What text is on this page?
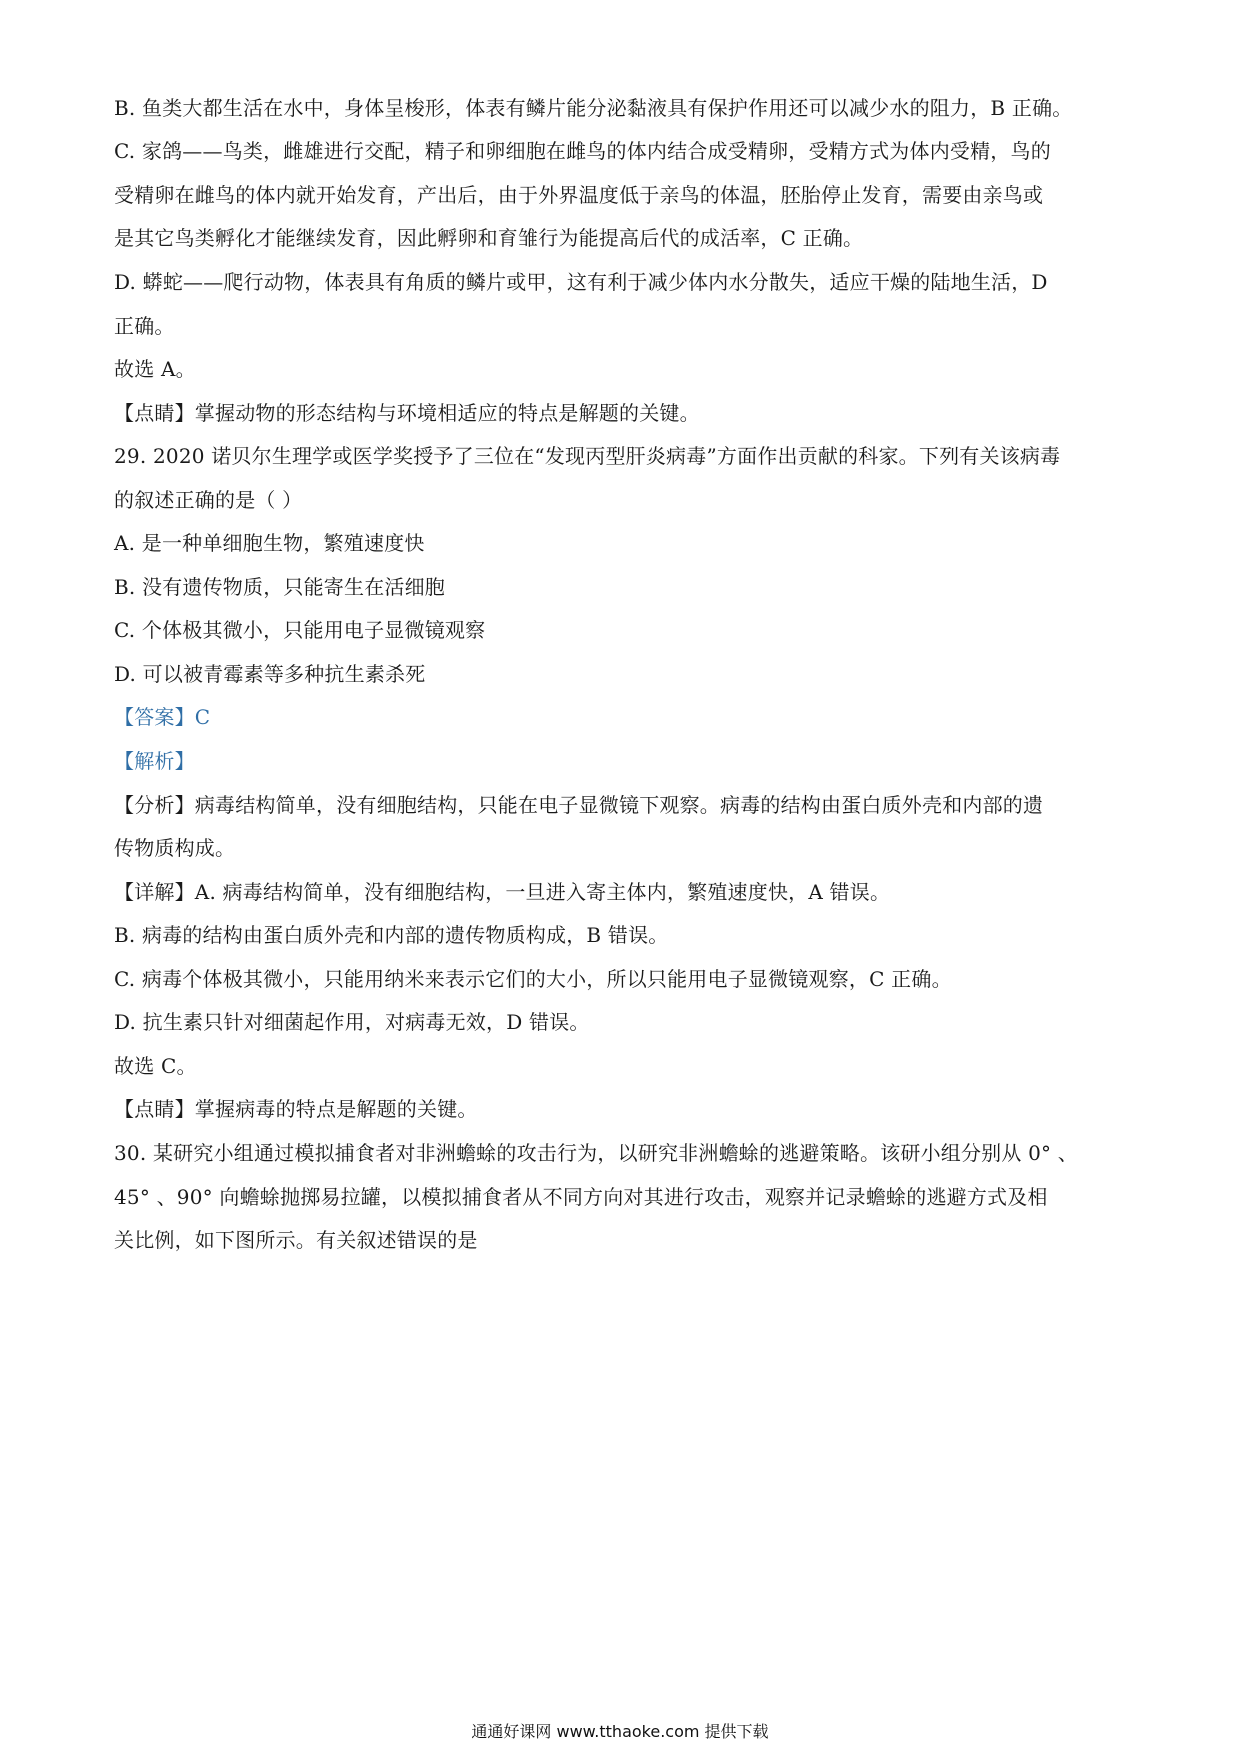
B. 鱼类大都生活在水中，身体呈梭形，体表有鳞片能分泌黏液具有保护作用还可以减少水的阻力，B 正确。
C. 家鸽——鸟类，雌雄进行交配，精子和卵细胞在雌鸟的体内结合成受精卵，受精方式为体内受精，鸟的
受精卵在雌鸟的体内就开始发育，产出后，由于外界温度低于亲鸟的体温，胚胎停止发育，需要由亲鸟或
是其它鸟类孵化才能继续发育，因此孵卵和育雏行为能提高后代的成活率，C 正确。
D. 蟒蛇——爬行动物，体表具有角质的鳞片或甲，这有利于减少体内水分散失，适应干燥的陆地生活，D
正确。
故选 A。
【点睛】掌握动物的形态结构与环境相适应的特点是解题的关键。
29. 2020 诺贝尔生理学或医学奖授予了三位在“发现丙型肝炎病毒”方面作出贡献的科家。下列有关该病毒
的叙述正确的是（ ）
A. 是一种单细胞生物，繁殖速度快
B. 没有遗传物质，只能寄生在活细胞
C. 个体极其微小，只能用电子显微镜观察
D. 可以被青霉素等多种抗生素杀死
【答案】C
【解析】
【分析】病毒结构简单，没有细胞结构，只能在电子显微镜下观察。病毒的结构由蛋白质外壳和内部的遗
传物质构成。
【详解】A. 病毒结构简单，没有细胞结构，一旦进入寄主体内，繁殖速度快，A 错误。
B. 病毒的结构由蛋白质外壳和内部的遗传物质构成，B 错误。
C. 病毒个体极其微小，只能用纳米来表示它们的大小，所以只能用电子显微镜观察，C 正确。
D. 抗生素只针对细菌起作用，对病毒无效，D 错误。
故选 C。
【点睛】掌握病毒的特点是解题的关键。
30. 某研究小组通过模拟捕食者对非洲蟾蜍的攻击行为，以研究非洲蟾蜍的逃避策略。该研小组分别从 0° 、
45° 、90° 向蟾蜍抛掷易拉罐，以模拟捕食者从不同方向对其进行攻击，观察并记录蟾蜍的逃避方式及相
关比例，如下图所示。有关叙述错误的是
通通好课网 www.tthaoke.com 提供下载
